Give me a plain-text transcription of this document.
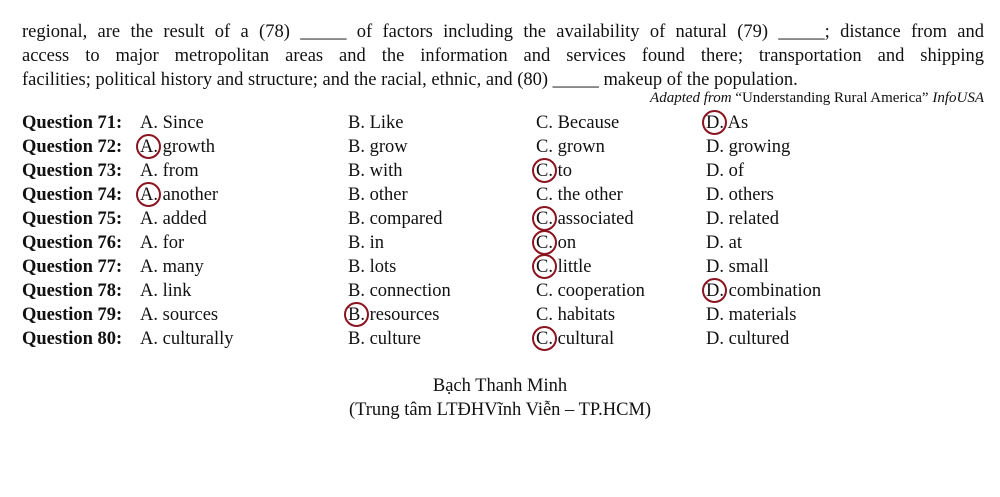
regional, are the result of a (78) _____ of factors including the availability of natural (79) _____; distance from and
access to major metropolitan areas and the information and services found there; transportation and shipping
facilities; political history and structure; and the racial, ethnic, and (80) _____ makeup of the population.
Adapted from “Understanding Rural America” InfoUSA
Question 71: A. Since	B. Like	C. Because	D. As
Question 72: A. growth	B. grow	C. grown	D. growing
Question 73: A. from	B. with	C. to	D. of
Question 74: A. another	B. other	C. the other	D. others
Question 75: A. added	B. compared	C. associated	D. related
Question 76: A. for	B. in	C. on	D. at
Question 77: A. many	B. lots	C. little	D. small
Question 78: A. link	B. connection	C. cooperation	D. combination
Question 79: A. sources	B. resources	C. habitats	D. materials
Question 80: A. culturally	B. culture	C. cultural	D. cultured
Bạch Thanh Minh
(Trung tâm LTĐHVĩnh Viễn – TP.HCM)
